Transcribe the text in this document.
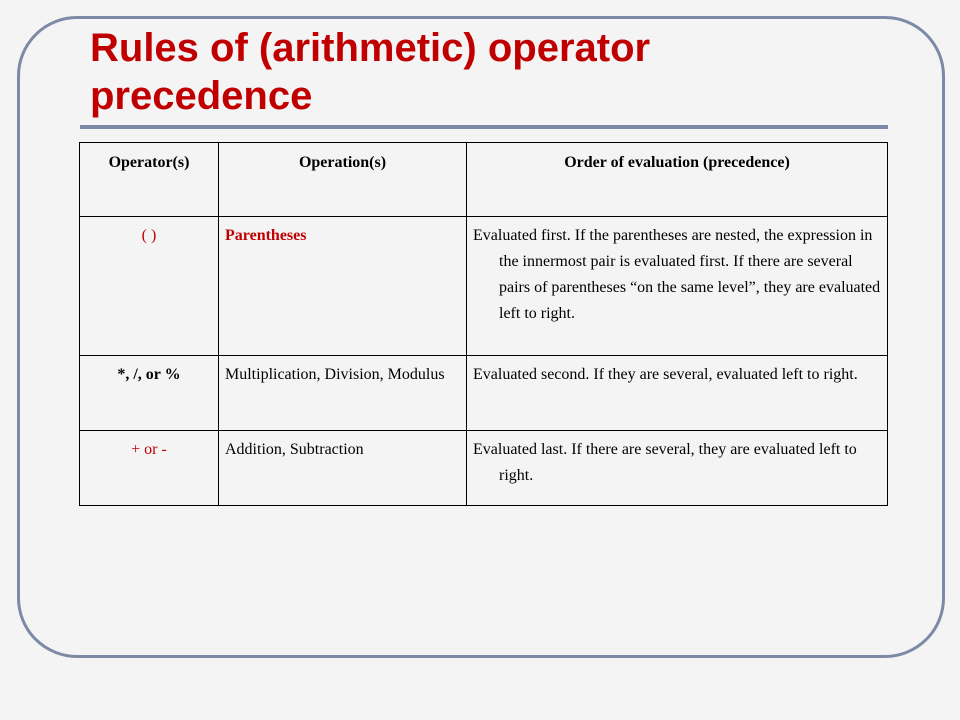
Rules of (arithmetic) operator precedence
Operator(s)	Operation(s)	Order of evaluation (precedence)
( )	Parentheses	Evaluated first. If the parentheses are nested, the expression in the innermost pair is evaluated first. If there are several pairs of parentheses “on the same level”, they are evaluated left to right.

*, /, or %	Multiplication, Division, Modulus	Evaluated second. If they are several, evaluated left to right.

+ or -	Addition, Subtraction	Evaluated last. If there are several, they are evaluated left to right.
